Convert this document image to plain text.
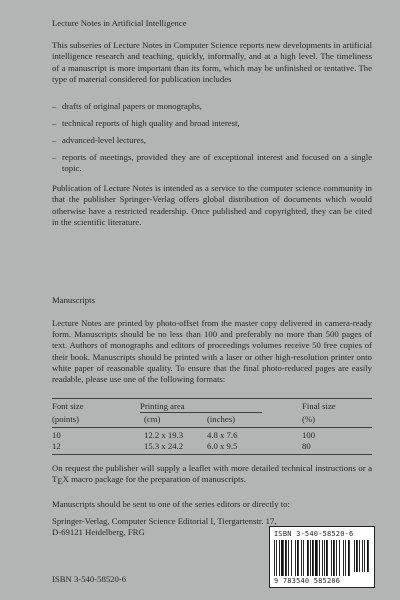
Lecture Notes in Artificial Intelligence

This subseries of Lecture Notes in Computer Science reports new developments in artificial intelligence research and teaching, quickly, informally, and at a high level. The timeliness of a manuscript is more important than its form, which may be unfinished or tentative. The type of material considered for publication includes

– drafts of original papers or monographs,
– technical reports of high quality and broad interest,
– advanced-level lectures,
– reports of meetings, provided they are of exceptional interest and focused on a single topic.

Publication of Lecture Notes is intended as a service to the computer science community in that the publisher Springer-Verlag offers global distribution of documents which would otherwise have a restricted readership. Once published and copyrighted, they can be cited in the scientific literature.

Manuscripts

Lecture Notes are printed by photo-offset from the master copy delivered in camera-ready form. Manuscripts should be no less than 100 and preferably no more than 500 pages of text. Authors of monographs and editors of proceedings volumes receive 50 free copies of their book. Manuscripts should be printed with a laser or other high-resolution printer onto white paper of reasonable quality. To ensure that the final photo-reduced pages are easily readable, please use one of the following formats:

Font size	Printing area	Final size
(points)	(cm)	(inches)	(%)
10	12.2 x 19.3	4.8 x 7.6	100
12	15.3 x 24.2	6.0 x 9.5	80

On request the publisher will supply a leaflet with more detailed technical instructions or a TEX macro package for the preparation of manuscripts.

Manuscripts should be sent to one of the series editors or directly to:

Springer-Verlag, Computer Science Editorial I, Tiergartenstr. 17,
D-69121 Heidelberg, FRG
ISBN 3-540-58520-6
ISBN 3-540-58520-6
9 783540 585206
